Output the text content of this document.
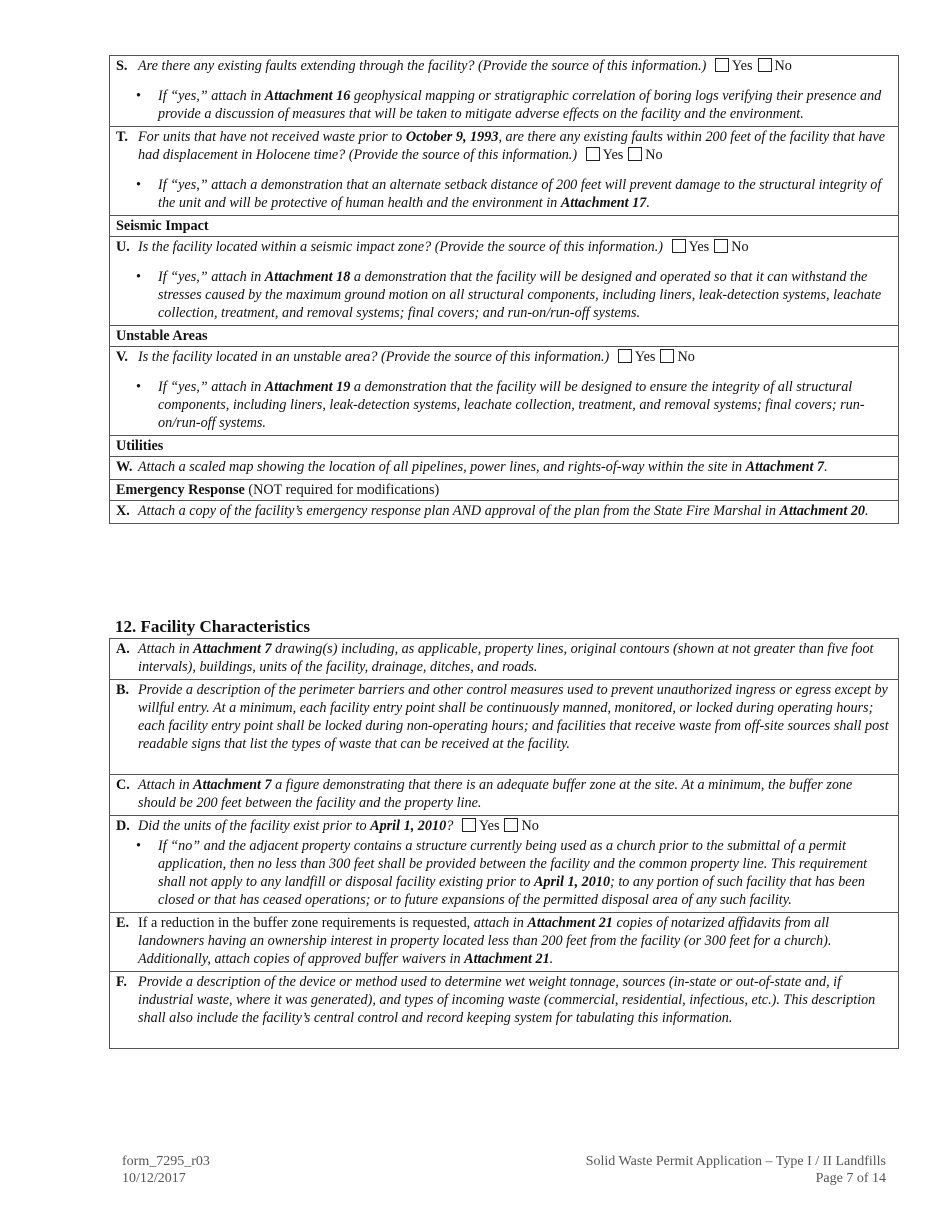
S. Are there any existing faults extending through the facility? (Provide the source of this information.) Yes No
•	If “yes,” attach in Attachment 16 geophysical mapping or stratigraphic correlation of boring logs verifying their presence and provide a discussion of measures that will be taken to mitigate adverse effects on the facility and the environment.
T. For units that have not received waste prior to October 9, 1993, are there any existing faults within 200 feet of the facility that have had displacement in Holocene time? (Provide the source of this information.) Yes No
•	If “yes,” attach a demonstration that an alternate setback distance of 200 feet will prevent damage to the structural integrity of the unit and will be protective of human health and the environment in Attachment 17.
Seismic Impact
U. Is the facility located within a seismic impact zone? (Provide the source of this information.) Yes No
•	If “yes,” attach in Attachment 18 a demonstration that the facility will be designed and operated so that it can withstand the stresses caused by the maximum ground motion on all structural components, including liners, leak-detection systems, leachate collection, treatment, and removal systems; final covers; and run-on/run-off systems.
Unstable Areas
V. Is the facility located in an unstable area? (Provide the source of this information.) Yes No
•	If “yes,” attach in Attachment 19 a demonstration that the facility will be designed to ensure the integrity of all structural components, including liners, leak-detection systems, leachate collection, treatment, and removal systems; final covers; run-on/run-off systems.
Utilities
W. Attach a scaled map showing the location of all pipelines, power lines, and rights-of-way within the site in Attachment 7.
Emergency Response (NOT required for modifications)
X. Attach a copy of the facility’s emergency response plan AND approval of the plan from the State Fire Marshal in Attachment 20.
12. Facility Characteristics
A. Attach in Attachment 7 drawing(s) including, as applicable, property lines, original contours (shown at not greater than five foot intervals), buildings, units of the facility, drainage, ditches, and roads.
B. Provide a description of the perimeter barriers and other control measures used to prevent unauthorized ingress or egress except by willful entry. At a minimum, each facility entry point shall be continuously manned, monitored, or locked during operating hours; each facility entry point shall be locked during non-operating hours; and facilities that receive waste from off-site sources shall post readable signs that list the types of waste that can be received at the facility.
C. Attach in Attachment 7 a figure demonstrating that there is an adequate buffer zone at the site. At a minimum, the buffer zone should be 200 feet between the facility and the property line.
D. Did the units of the facility exist prior to April 1, 2010? Yes No
•	If “no” and the adjacent property contains a structure currently being used as a church prior to the submittal of a permit application, then no less than 300 feet shall be provided between the facility and the common property line. This requirement shall not apply to any landfill or disposal facility existing prior to April 1, 2010; to any portion of such facility that has been closed or that has ceased operations; or to future expansions of the permitted disposal area of any such facility.
E. If a reduction in the buffer zone requirements is requested, attach in Attachment 21 copies of notarized affidavits from all landowners having an ownership interest in property located less than 200 feet from the facility (or 300 feet for a church). Additionally, attach copies of approved buffer waivers in Attachment 21.
F. Provide a description of the device or method used to determine wet weight tonnage, sources (in-state or out-of-state and, if industrial waste, where it was generated), and types of incoming waste (commercial, residential, infectious, etc.). This description shall also include the facility’s central control and record keeping system for tabulating this information.
form_7295_r03
10/12/2017
Solid Waste Permit Application – Type I / II Landfills
Page 7 of 14
